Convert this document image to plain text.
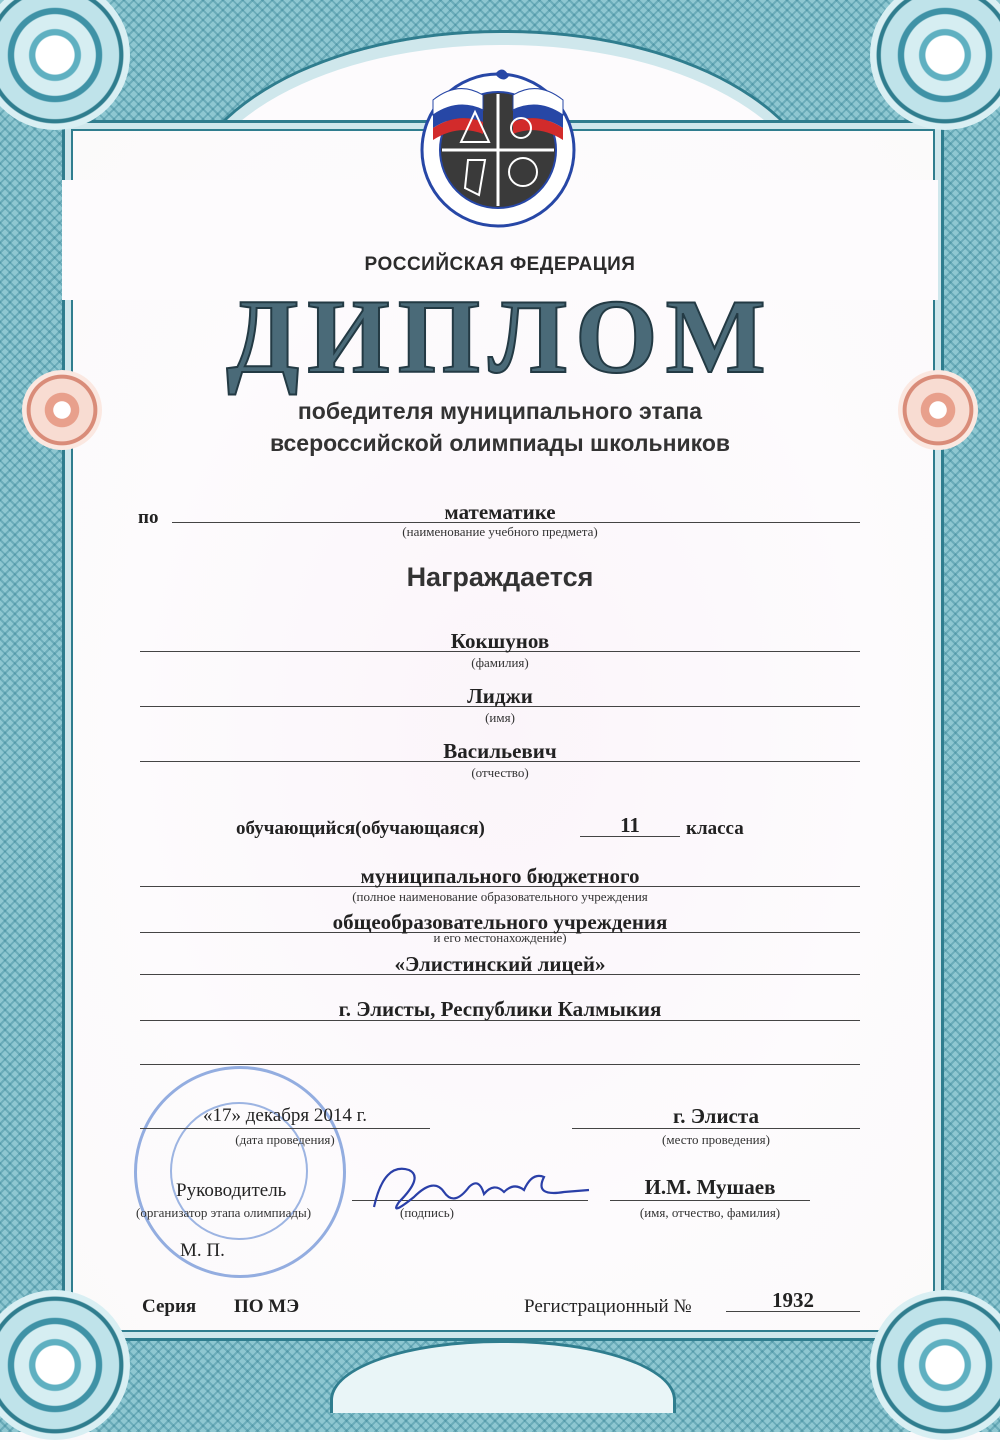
РОССИЙСКАЯ ФЕДЕРАЦИЯ
ДИПЛОМ
победителя муниципального этапа
всероссийской олимпиады школьников
по	математике
(наименование учебного предмета)
Награждается
Кокшунов
(фамилия)
Лиджи
(имя)
Васильевич
(отчество)
обучающийся(обучающаяся)	11	класса
муниципального бюджетного
(полное наименование образовательного учреждения
общеобразовательного учреждения
и его местонахождение)
«Элистинский лицей»
г. Элисты, Республики Калмыкия
«17» декабря 2014 г.
(дата проведения)
г. Элиста
(место проведения)
Руководитель
(организатор этапа олимпиады)	(подпись)
И.М. Мушаев
(имя, отчество, фамилия)
М. П.
Серия ПО МЭ	Регистрационный №	1932
